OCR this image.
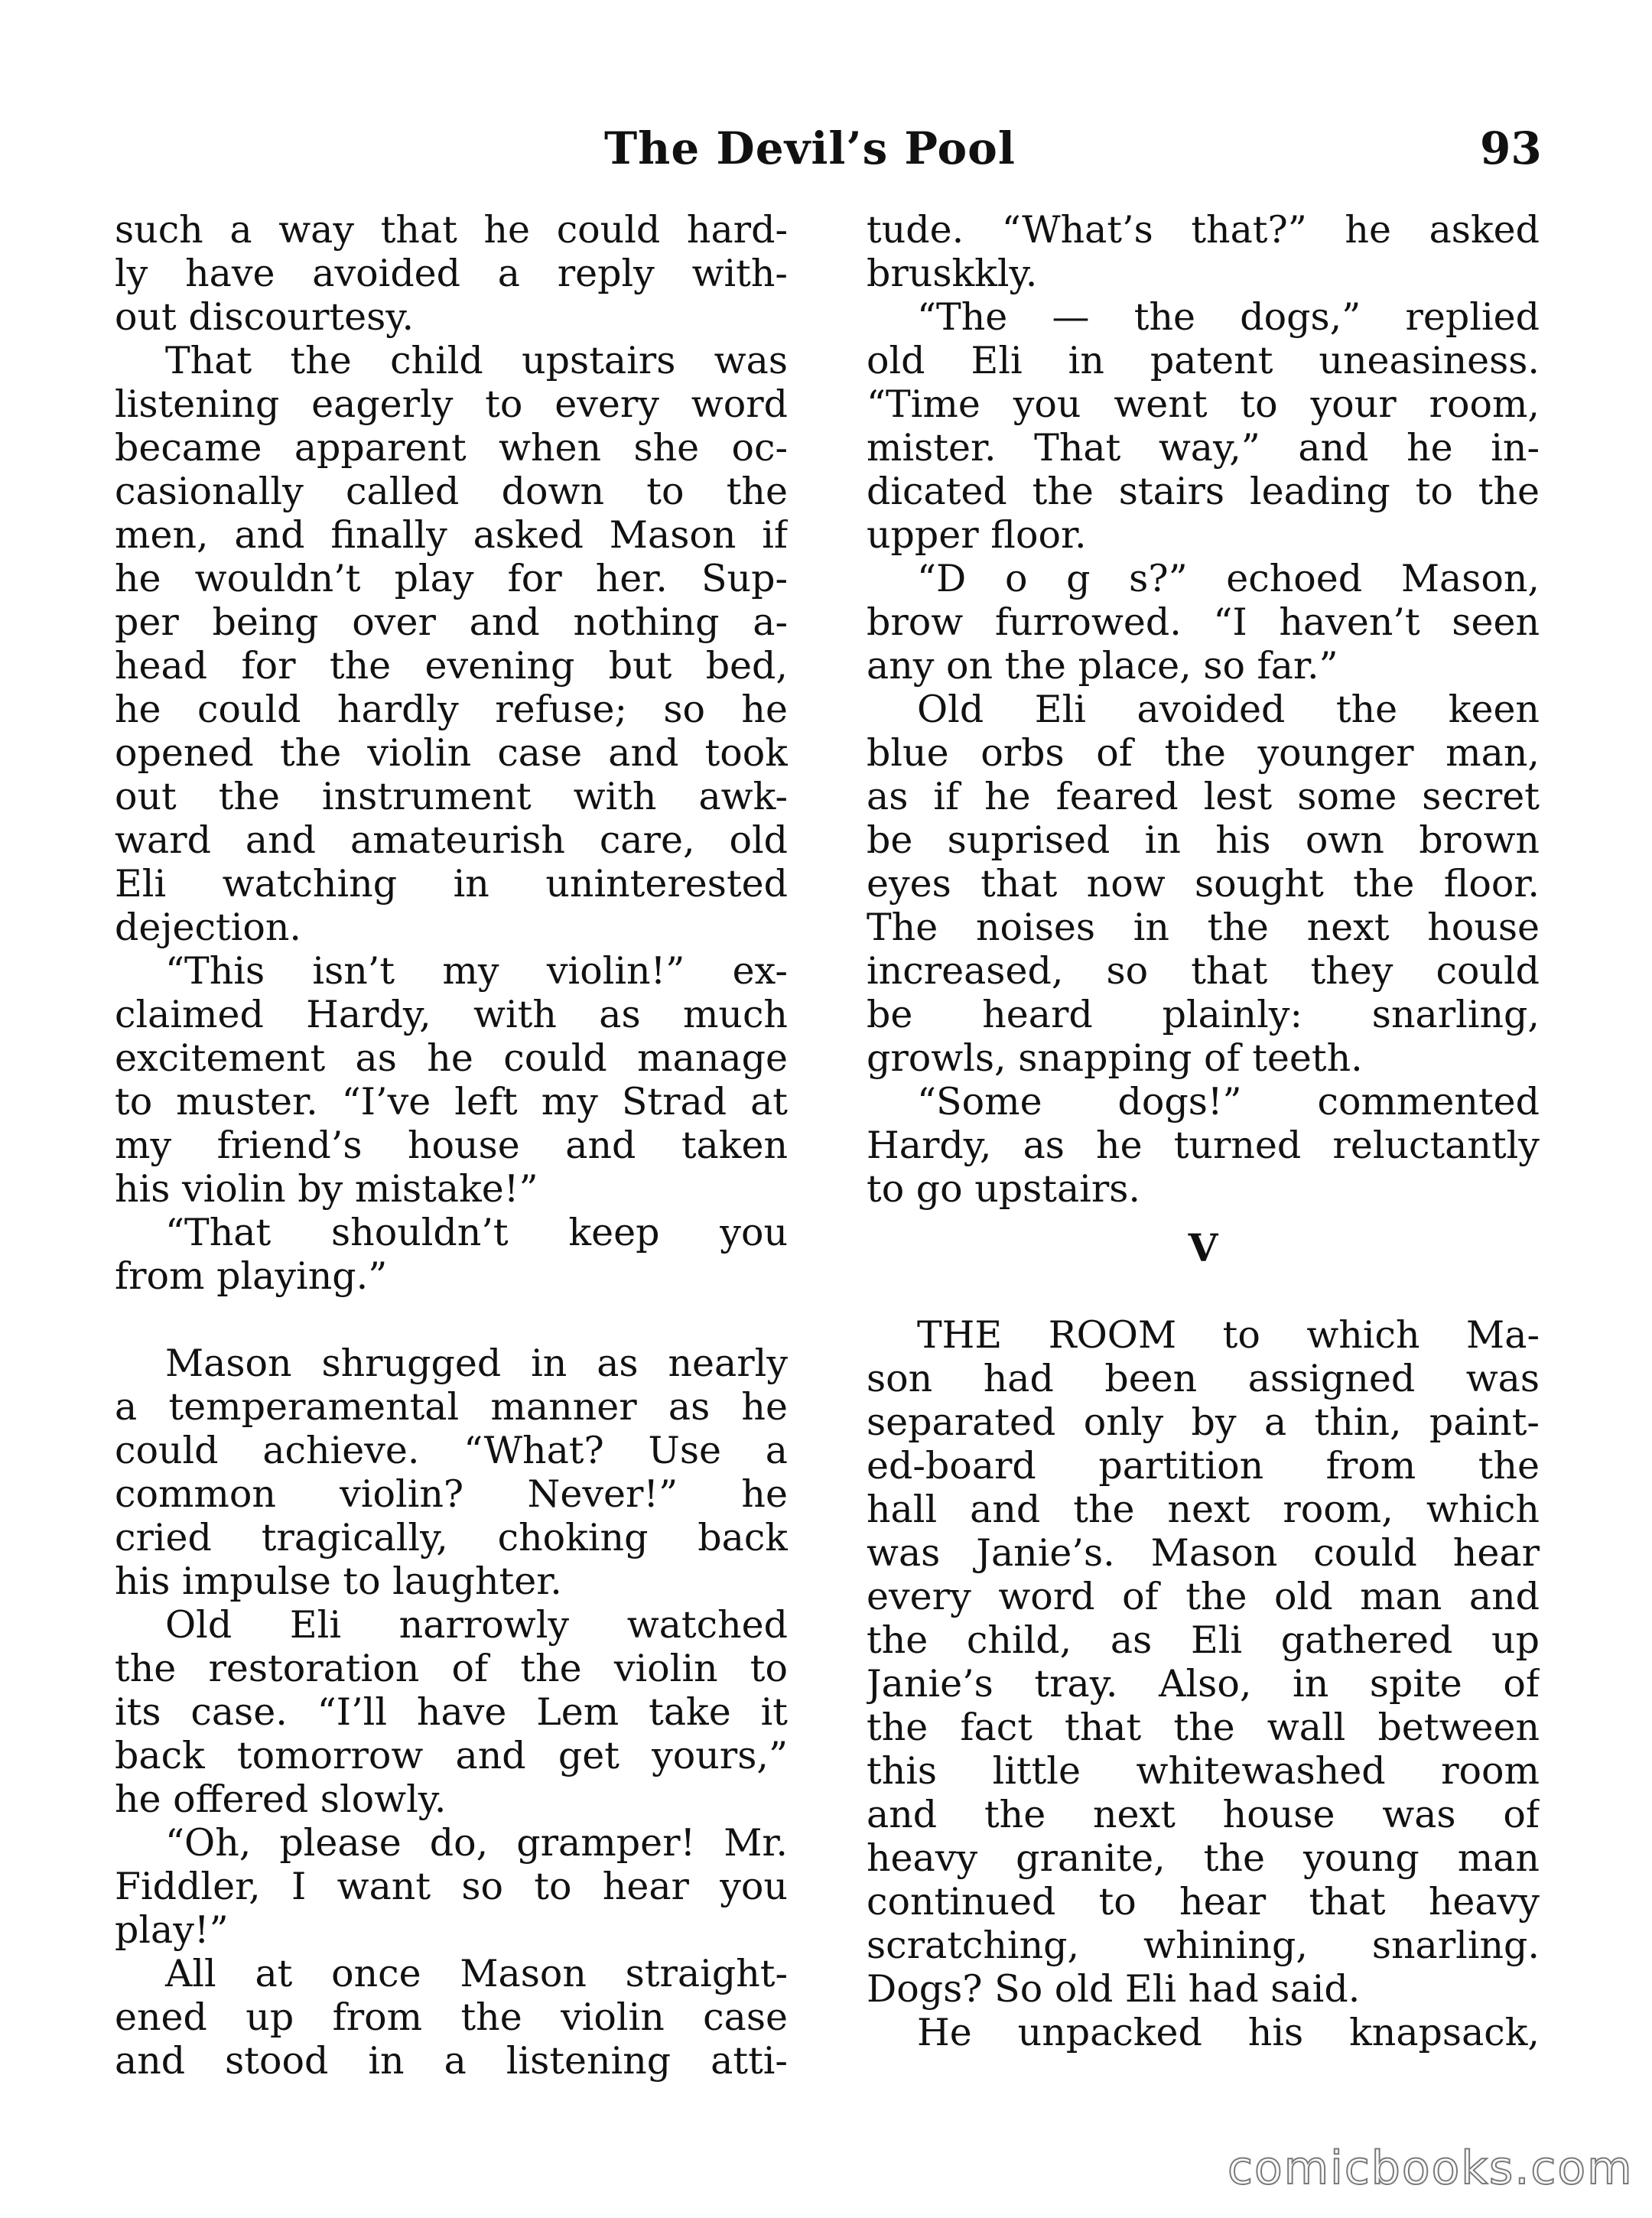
The Devil’s Pool	93
such a way that he could hard-
ly have avoided a reply with-
out discourtesy.
That the child upstairs was
listening eagerly to every word
became apparent when she oc-
casionally called down to the
men, and finally asked Mason if
he wouldn’t play for her. Sup-
per being over and nothing a-
head for the evening but bed,
he could hardly refuse; so he
opened the violin case and took
out the instrument with awk-
ward and amateurish care, old
Eli watching in uninterested
dejection.
“This isn’t my violin!” ex-
claimed Hardy, with as much
excitement as he could manage
to muster. “I’ve left my Strad at
my friend’s house and taken
his violin by mistake!”
“That shouldn’t keep you
from playing.”
Mason shrugged in as nearly
a temperamental manner as he
could achieve. “What? Use a
common violin? Never!” he
cried tragically, choking back
his impulse to laughter.
Old Eli narrowly watched
the restoration of the violin to
its case. “I’ll have Lem take it
back tomorrow and get yours,”
he offered slowly.
“Oh, please do, gramper! Mr.
Fiddler, I want so to hear you
play!”
All at once Mason straight-
ened up from the violin case
and stood in a listening atti-
tude. “What’s that?” he asked
bruskkly.
“The — the dogs,” replied
old Eli in patent uneasiness.
“Time you went to your room,
mister. That way,” and he in-
dicated the stairs leading to the
upper floor.
“D o g s?” echoed Mason,
brow furrowed. “I haven’t seen
any on the place, so far.”
Old Eli avoided the keen
blue orbs of the younger man,
as if he feared lest some secret
be suprised in his own brown
eyes that now sought the floor.
The noises in the next house
increased, so that they could
be heard plainly: snarling,
growls, snapping of teeth.
“Some dogs!” commented
Hardy, as he turned reluctantly
to go upstairs.
V
THE ROOM to which Ma-
son had been assigned was
separated only by a thin, paint-
ed-board partition from the
hall and the next room, which
was Janie’s. Mason could hear
every word of the old man and
the child, as Eli gathered up
Janie’s tray. Also, in spite of
the fact that the wall between
this little whitewashed room
and the next house was of
heavy granite, the young man
continued to hear that heavy
scratching, whining, snarling.
Dogs? So old Eli had said.
He unpacked his knapsack,
comicbooks.com
